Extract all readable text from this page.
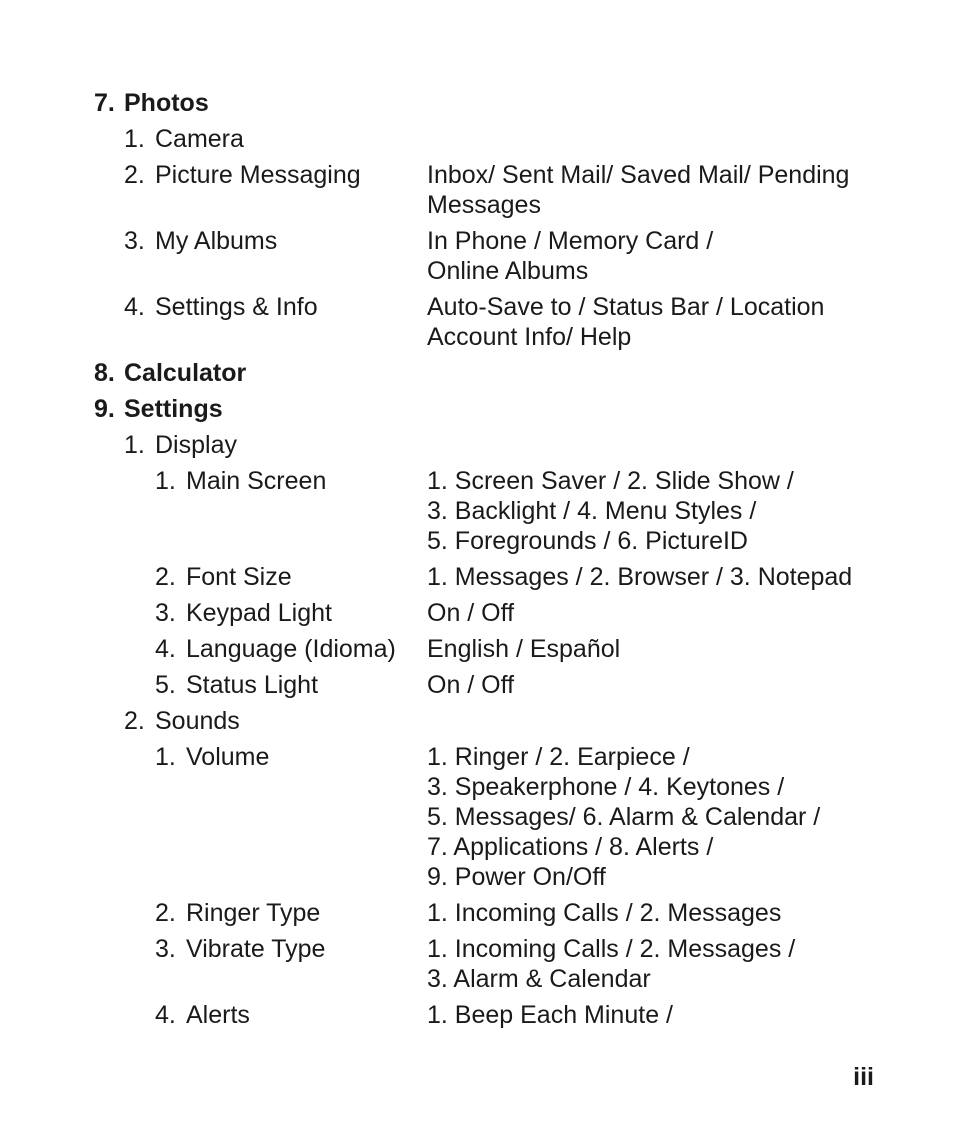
7. Photos
1. Camera
2. Picture Messaging	Inbox/ Sent Mail/ Saved Mail/ Pending
Messages
3. My Albums	In Phone / Memory Card /
Online Albums
4. Settings & Info	Auto-Save to / Status Bar / Location
Account Info/ Help
8. Calculator
9. Settings
1. Display
1. Main Screen	1. Screen Saver / 2. Slide Show /
3. Backlight / 4. Menu Styles /
5. Foregrounds / 6. PictureID
2. Font Size	1. Messages / 2. Browser / 3. Notepad
3. Keypad Light	On / Off
4. Language (Idioma) English / Español
5. Status Light	On / Off
2. Sounds
1. Volume	1. Ringer / 2. Earpiece /
3. Speakerphone / 4. Keytones /
5. Messages/ 6. Alarm & Calendar /
7. Applications / 8. Alerts /
9. Power On/Off
2. Ringer Type	1. Incoming Calls / 2. Messages
3. Vibrate Type	1. Incoming Calls / 2. Messages /
3. Alarm & Calendar
4. Alerts	1. Beep Each Minute /
iii
